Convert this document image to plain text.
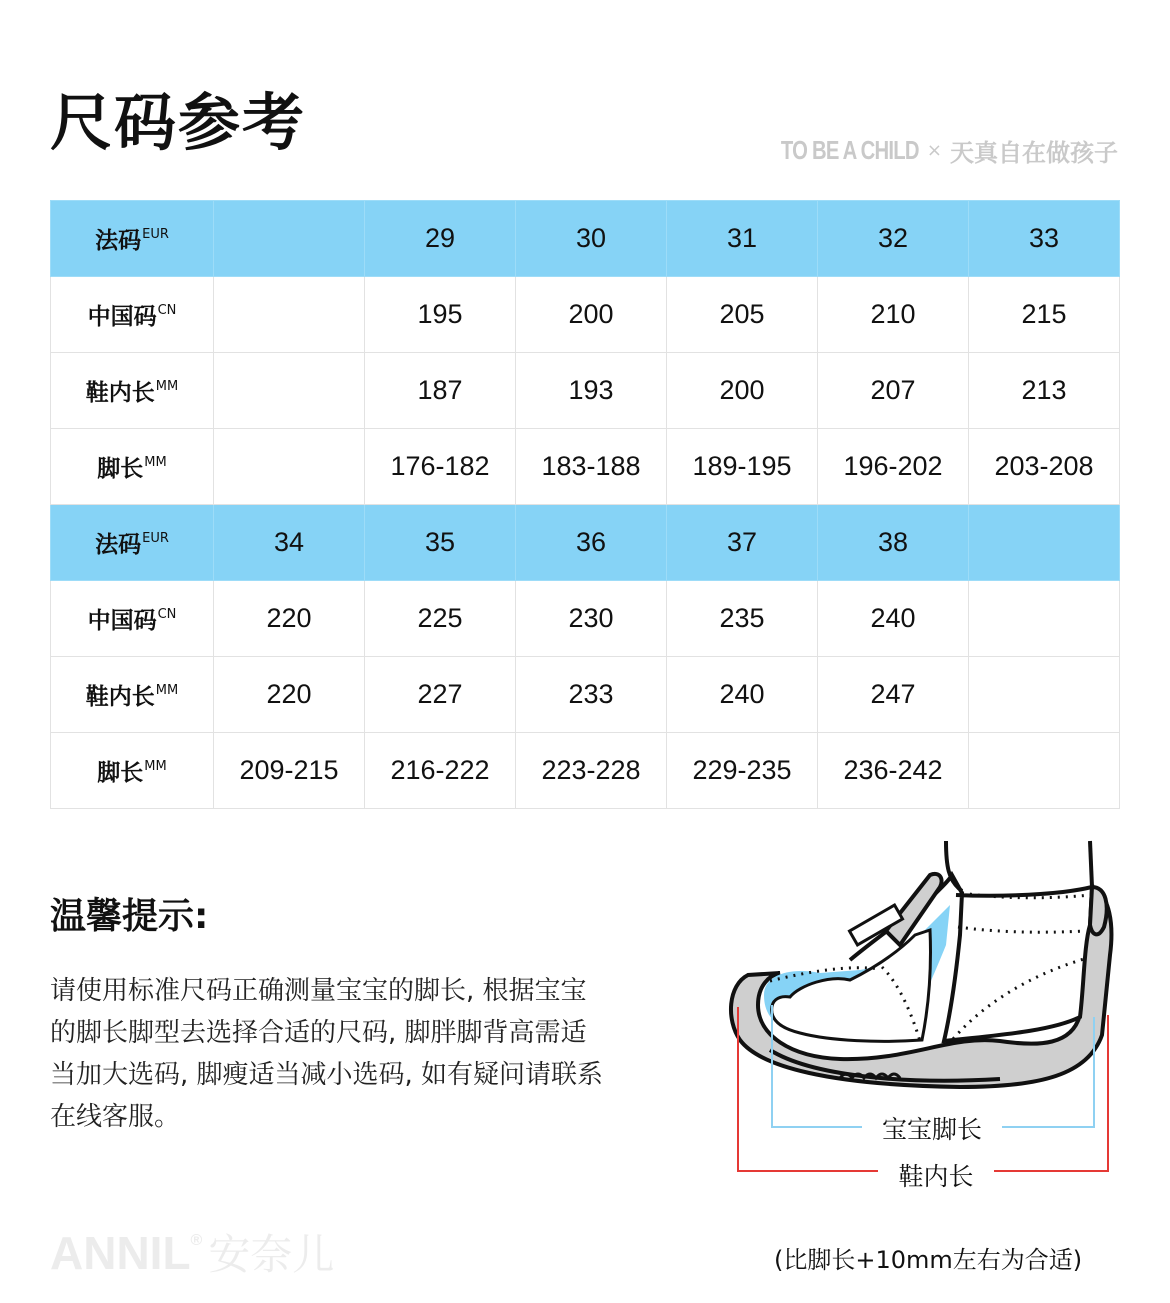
尺码参考	TO BE A CHILD × 天真自在做孩子
法码$^{EUR}$		29	30	31	32	33
中国码$^{CN}$		195	200	205	210	215
鞋内长$^{MM}$		187	193	200	207	213
脚长$^{MM}$		176-182	183-188	189-195	196-202	203-208
法码$^{EUR}$	34	35	36	37	38	
中国码$^{CN}$	220	225	230	235	240	
鞋内长$^{MM}$	220	227	233	240	247	
脚长$^{MM}$	209-215	216-222	223-228	229-235	236-242	
温馨提示:
请使用标准尺码正确测量宝宝的脚长, 根据宝宝的脚长脚型去选择合适的尺码, 脚胖脚背高需适当加大选码, 脚瘦适当减小选码, 如有疑问请联系在线客服。
ANNIL® 安奈儿
宝宝脚长
鞋内长
(比脚长+10mm左右为合适)
